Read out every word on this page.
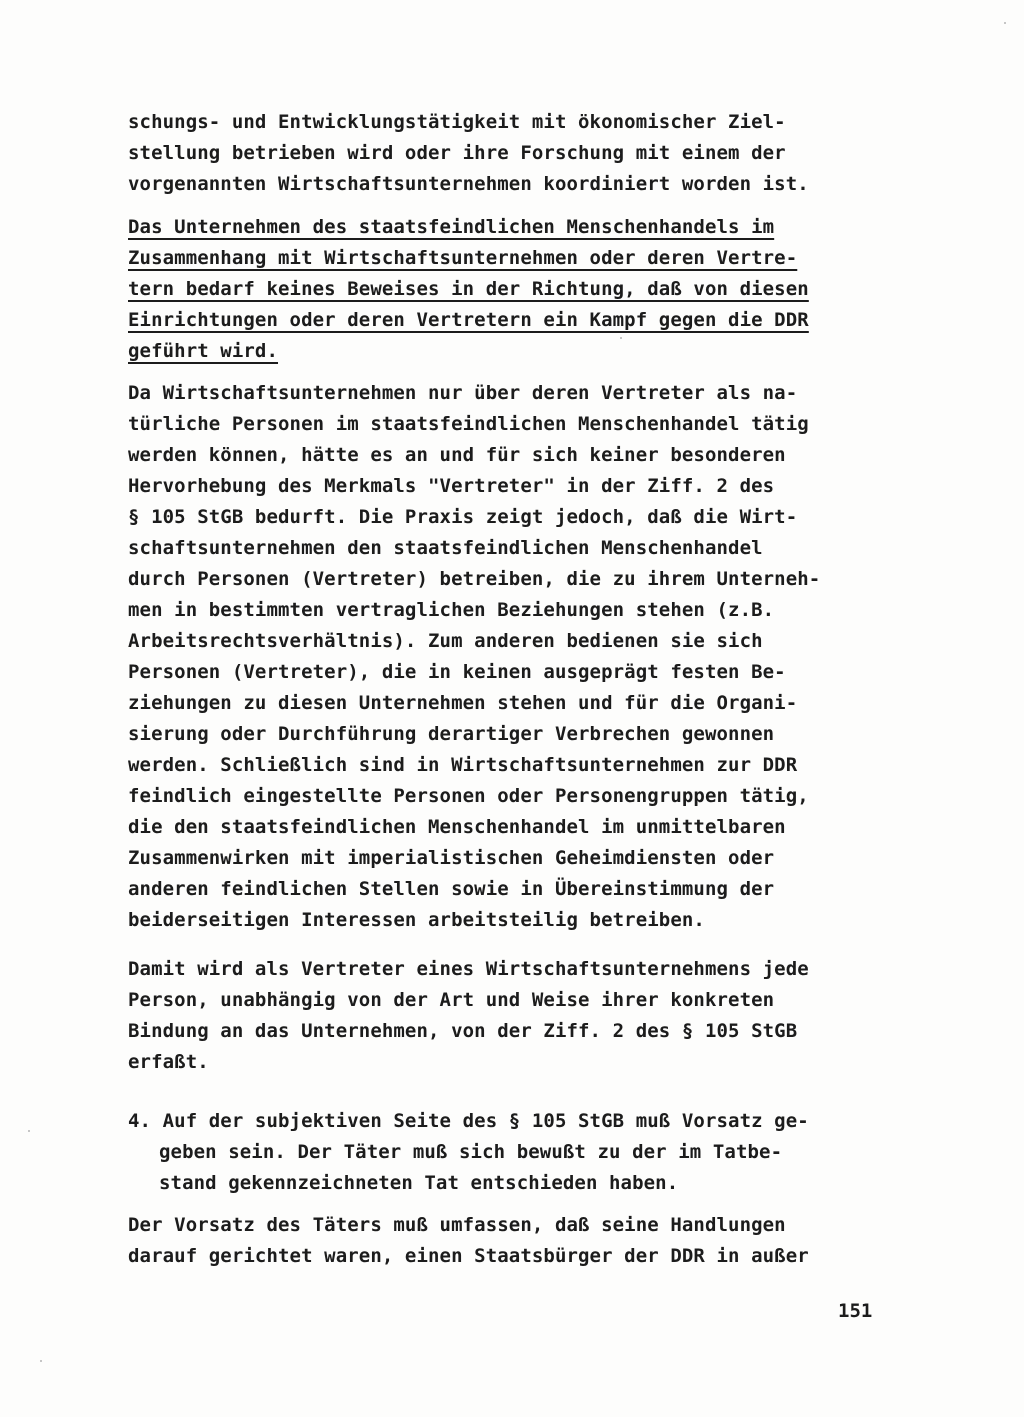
schungs- und Entwicklungstätigkeit mit ökonomischer Ziel-
stellung betrieben wird oder ihre Forschung mit einem der
vorgenannten Wirtschaftsunternehmen koordiniert worden ist.
Das Unternehmen des staatsfeindlichen Menschenhandels im
Zusammenhang mit Wirtschaftsunternehmen oder deren Vertre-
tern bedarf keines Beweises in der Richtung, daß von diesen
Einrichtungen oder deren Vertretern ein Kampf gegen die DDR
geführt wird.
Da Wirtschaftsunternehmen nur über deren Vertreter als na-
türliche Personen im staatsfeindlichen Menschenhandel tätig
werden können, hätte es an und für sich keiner besonderen
Hervorhebung des Merkmals "Vertreter" in der Ziff. 2 des
§ 105 StGB bedurft. Die Praxis zeigt jedoch, daß die Wirt-
schaftsunternehmen den staatsfeindlichen Menschenhandel
durch Personen (Vertreter) betreiben, die zu ihrem Unterneh-
men in bestimmten vertraglichen Beziehungen stehen (z.B.
Arbeitsrechtsverhältnis). Zum anderen bedienen sie sich
Personen (Vertreter), die in keinen ausgeprägt festen Be-
ziehungen zu diesen Unternehmen stehen und für die Organi-
sierung oder Durchführung derartiger Verbrechen gewonnen
werden. Schließlich sind in Wirtschaftsunternehmen zur DDR
feindlich eingestellte Personen oder Personengruppen tätig,
die den staatsfeindlichen Menschenhandel im unmittelbaren
Zusammenwirken mit imperialistischen Geheimdiensten oder
anderen feindlichen Stellen sowie in Übereinstimmung der
beiderseitigen Interessen arbeitsteilig betreiben.
Damit wird als Vertreter eines Wirtschaftsunternehmens jede
Person, unabhängig von der Art und Weise ihrer konkreten
Bindung an das Unternehmen, von der Ziff. 2 des § 105 StGB
erfaßt.
4. Auf der subjektiven Seite des § 105 StGB muß Vorsatz ge-
geben sein. Der Täter muß sich bewußt zu der im Tatbe-
stand gekennzeichneten Tat entschieden haben.
Der Vorsatz des Täters muß umfassen, daß seine Handlungen
darauf gerichtet waren, einen Staatsbürger der DDR in außer
151
